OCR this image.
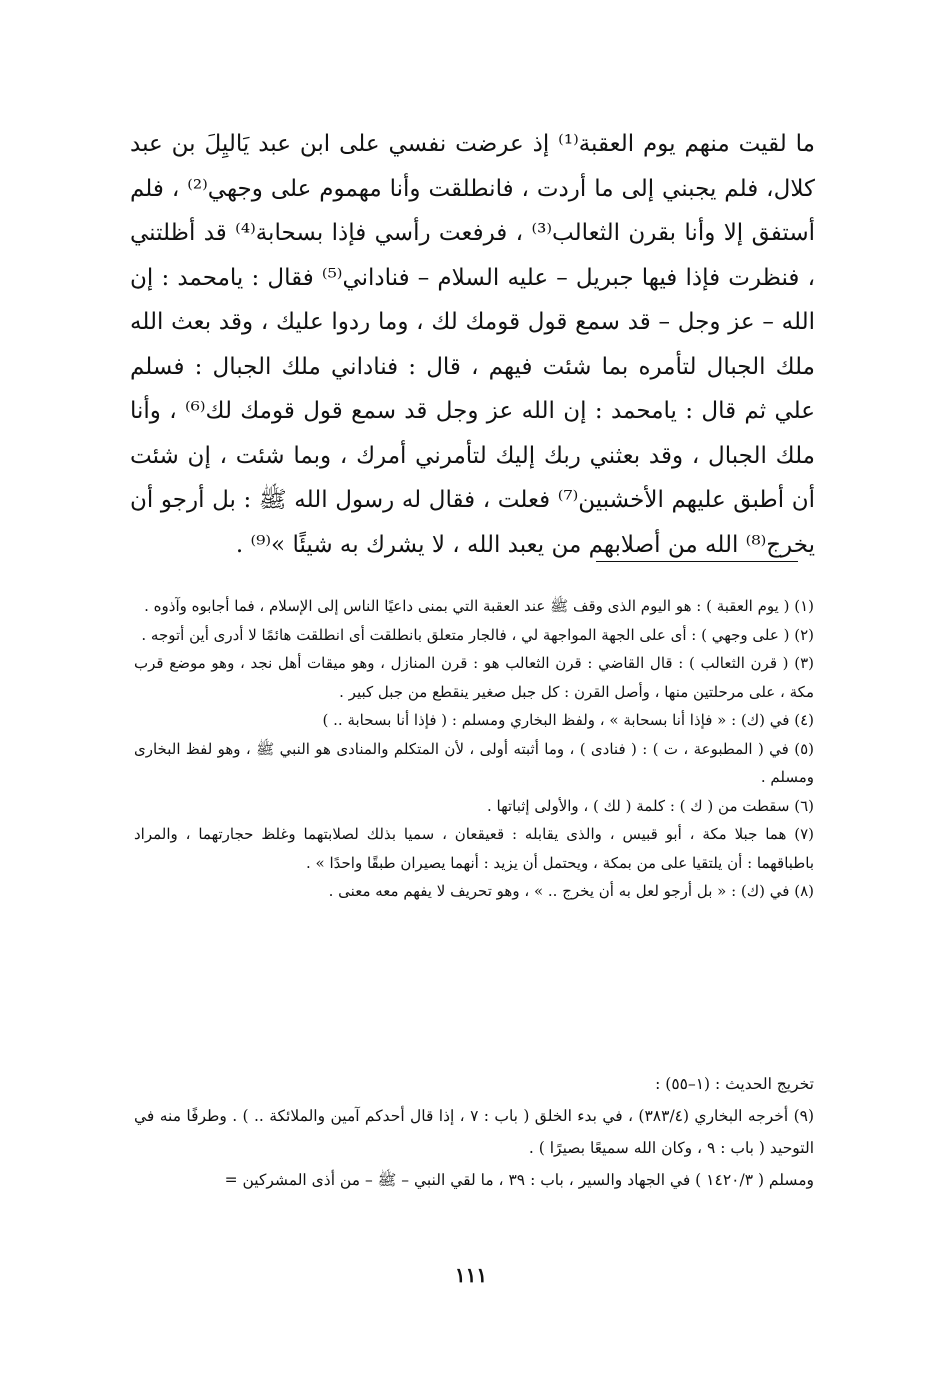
ما لقيت منهم يوم العقبة⁽¹⁾ إذ عرضت نفسي على ابن عبد يَاليِلَ بن عبد كلال، فلم يجبني إلى ما أردت ، فانطلقت وأنا مهموم على وجهي⁽²⁾ ، فلم أستفق إلا وأنا بقرن الثعالب⁽³⁾ ، فرفعت رأسي فإذا بسحابة⁽⁴⁾ قد أظلتني ، فنظرت فإذا فيها جبريل – عليه السلام – فناداني⁽⁵⁾ فقال : يامحمد : إن الله – عز وجل – قد سمع قول قومك لك ، وما ردوا عليك ، وقد بعث الله ملك الجبال لتأمره بما شئت فيهم ، قال : فناداني ملك الجبال : فسلم علي ثم قال : يامحمد : إن الله عز وجل قد سمع قول قومك لك⁽⁶⁾ ، وأنا ملك الجبال ، وقد بعثني ربك إليك لتأمرني أمرك ، وبما شئت ، إن شئت أن أطبق عليهم الأخشبين⁽⁷⁾ فعلت ، فقال له رسول الله ﷺ : بل أرجو أن يخرج⁽⁸⁾ الله من أصلابهم من يعبد الله ، لا يشرك به شيئًا »⁽⁹⁾ .

(١) ( يوم العقبة ) : هو اليوم الذى وقف ﷺ عند العقبة التي بمنى داعيًا الناس إلى الإسلام ، فما أجابوه وآذوه .

(٢) ( على وجهي ) : أى على الجهة المواجهة لي ، فالجار متعلق بانطلقت أى انطلقت هائمًا لا أدرى أين أتوجه .

(٣) ( قرن الثعالب ) : قال القاضي : قرن الثعالب هو : قرن المنازل ، وهو ميقات أهل نجد ، وهو موضع قرب مكة ، على مرحلتين منها ، وأصل القرن : كل جبل صغير ينقطع من جبل كبير .

(٤) في (ك) : « فإذا أنا بسحابة » ، ولفظ البخاري ومسلم : ( فإذا أنا بسحابة .. )

(٥) في ( المطبوعة ، ت ) : ( فنادى ) ، وما أثبته أولى ، لأن المتكلم والمنادى هو النبي ﷺ ، وهو لفظ البخارى ومسلم .

(٦) سقطت من ( ك ) : كلمة ( لك ) ، والأولى إثباتها .

(٧) هما جبلا مكة ، أبو قبيس ، والذى يقابله : قعيقعان ، سميا بذلك لصلابتهما وغلظ حجارتهما ، والمراد باطباقهما : أن يلتقيا على من بمكة ، ويحتمل أن يزيد : أنهما يصيران طبقًا واحدًا » .

(٨) في (ك) : « بل أرجو لعل به أن يخرج .. » ، وهو تحريف لا يفهم معه معنى .

تخريج الحديث : (١–٥٥) :

(٩) أخرجه البخاري (٣٨٣/٤) ، في بدء الخلق ( باب : ٧ ، إذا قال أحدكم آمين والملائكة .. ) . وطرفًا منه في التوحيد ( باب : ٩ ، وكان الله سميعًا بصيرًا ) .

ومسلم ( ١٤٢٠/٣ ) في الجهاد والسير ، باب : ٣٩ ، ما لقي النبي – ﷺ – من أذى المشركين =

١١١
